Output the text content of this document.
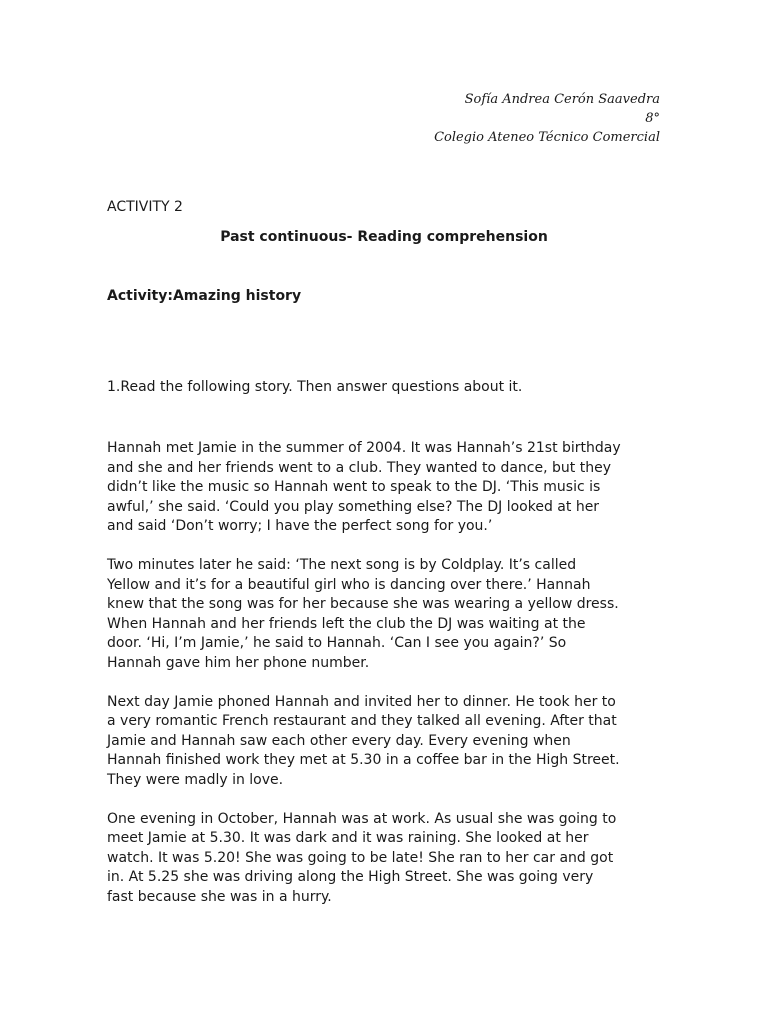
Sofía Andrea Cerón Saavedra
8°
Colegio Ateneo Técnico Comercial
ACTIVITY 2
Past continuous- Reading comprehension
Activity:Amazing history
1.Read the following story. Then answer questions about it.

Hannah met Jamie in the summer of 2004. It was Hannah’s 21st birthday
and she and her friends went to a club. They wanted to dance, but they
didn’t like the music so Hannah went to speak to the DJ. ‘This music is
awful,’ she said. ‘Could you play something else? The DJ looked at her
and said ‘Don’t worry; I have the perfect song for you.’

Two minutes later he said: ‘The next song is by Coldplay. It’s called
Yellow and it’s for a beautiful girl who is dancing over there.’ Hannah
knew that the song was for her because she was wearing a yellow dress.
When Hannah and her friends left the club the DJ was waiting at the
door. ‘Hi, I’m Jamie,’ he said to Hannah. ‘Can I see you again?’ So
Hannah gave him her phone number.

Next day Jamie phoned Hannah and invited her to dinner. He took her to
a very romantic French restaurant and they talked all evening. After that
Jamie and Hannah saw each other every day. Every evening when
Hannah finished work they met at 5.30 in a coffee bar in the High Street.
They were madly in love.

One evening in October, Hannah was at work. As usual she was going to
meet Jamie at 5.30. It was dark and it was raining. She looked at her
watch. It was 5.20! She was going to be late! She ran to her car and got
in. At 5.25 she was driving along the High Street. She was going very
fast because she was in a hurry.
